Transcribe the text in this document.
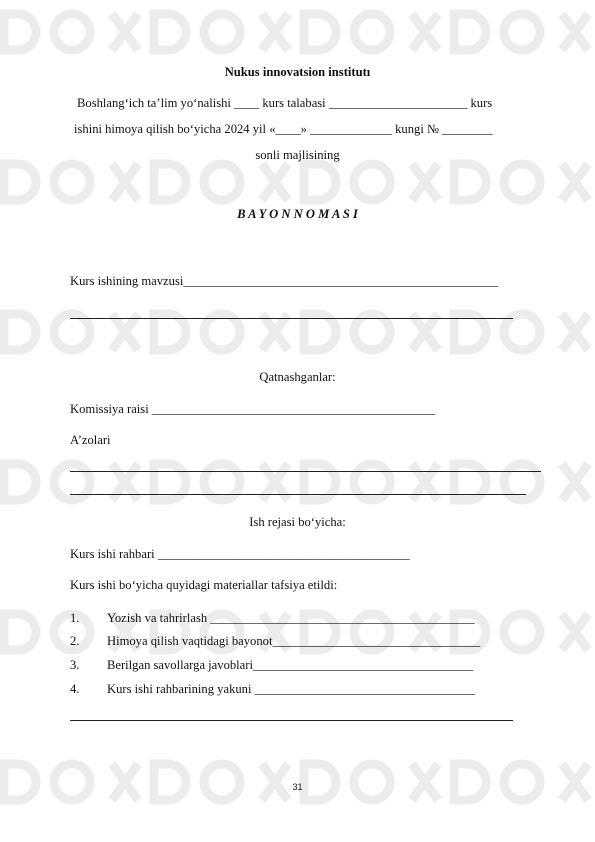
Nukus innovatsion institutı
Boshlang‘ich ta’lim yo‘nalishi ____ kurs talabasi ______________________ kurs
ishini himoya qilish bo‘yicha 2024 yil «____» _____________ kungi № ________
sonli majlisining
B A Y O N N O M A S I
Kurs ishining mavzusi__________________________________________________
Qatnashganlar:
Komissiya raisi _____________________________________________
A’zolari
Ish rejasi bo‘yicha:
Kurs ishi rahbari ________________________________________
Kurs ishi bo‘yicha quyidagi materiallar tafsiya etildi:
1. Yozish va tahrirlash __________________________________________
2. Himoya qilish vaqtidagi bayonot_________________________________
3. Berilgan savollarga javoblari___________________________________
4. Kurs ishi rahbarining yakuni ___________________________________
31
